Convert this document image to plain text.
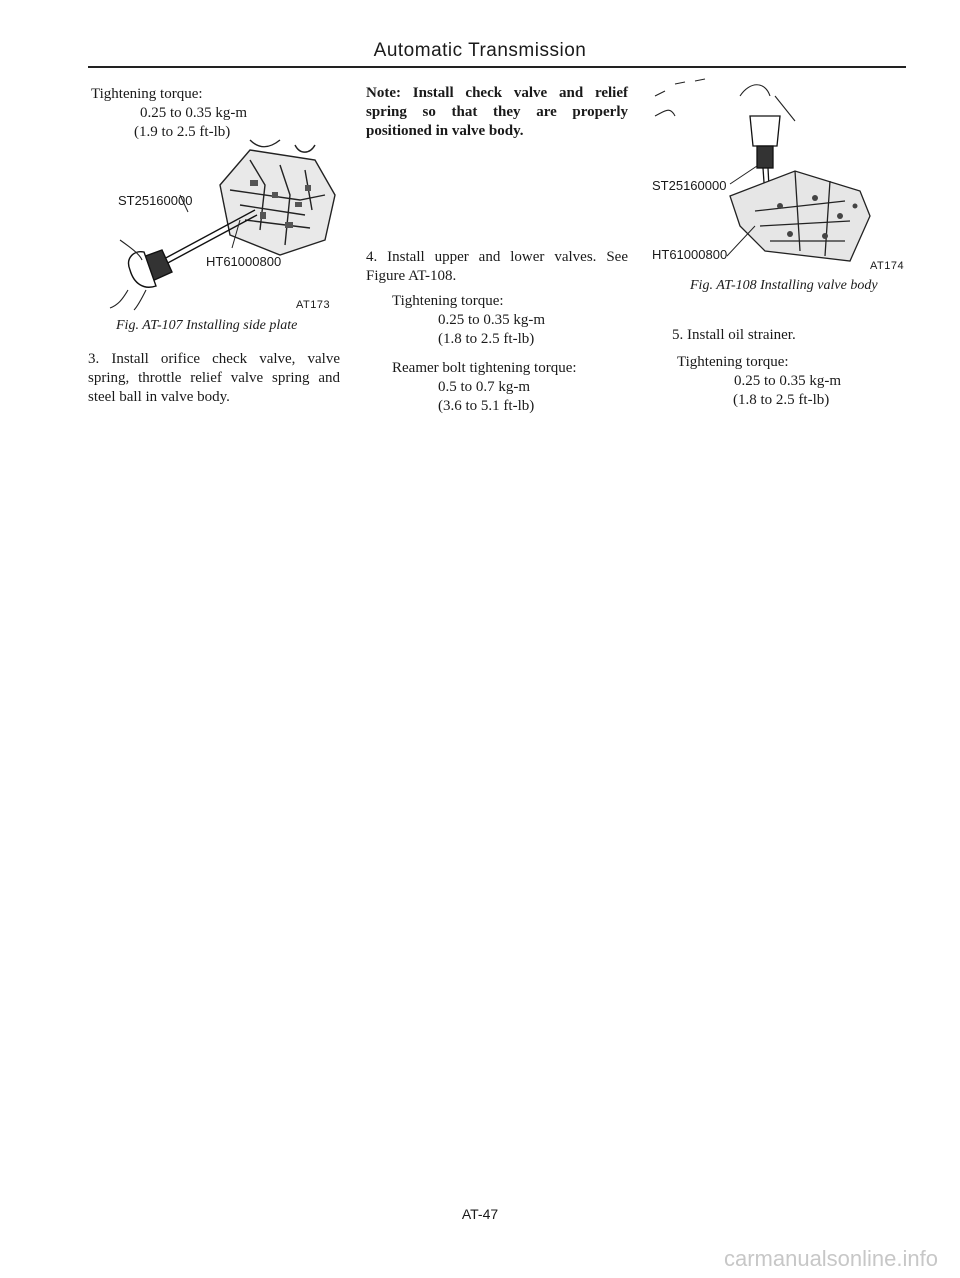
Automatic Transmission
Tightening torque:
0.25 to 0.35 kg-m
(1.9 to 2.5 ft-lb)
ST25160000
HT61000800
AT173
Fig. AT-107 Installing side plate
3. Install orifice check valve, valve spring, throttle relief valve spring and steel ball in valve body.
Note: Install check valve and relief spring so that they are properly positioned in valve body.
4. Install upper and lower valves. See Figure AT-108.
Tightening torque:
0.25 to 0.35 kg-m
(1.8 to 2.5 ft-lb)
Reamer bolt tightening torque:
0.5 to 0.7 kg-m
(3.6 to 5.1 ft-lb)
ST25160000
HT61000800
AT174
Fig. AT-108 Installing valve body
5. Install oil strainer.
Tightening torque:
0.25 to 0.35 kg-m
(1.8 to 2.5 ft-lb)
AT-47
carmanualsonline.info
